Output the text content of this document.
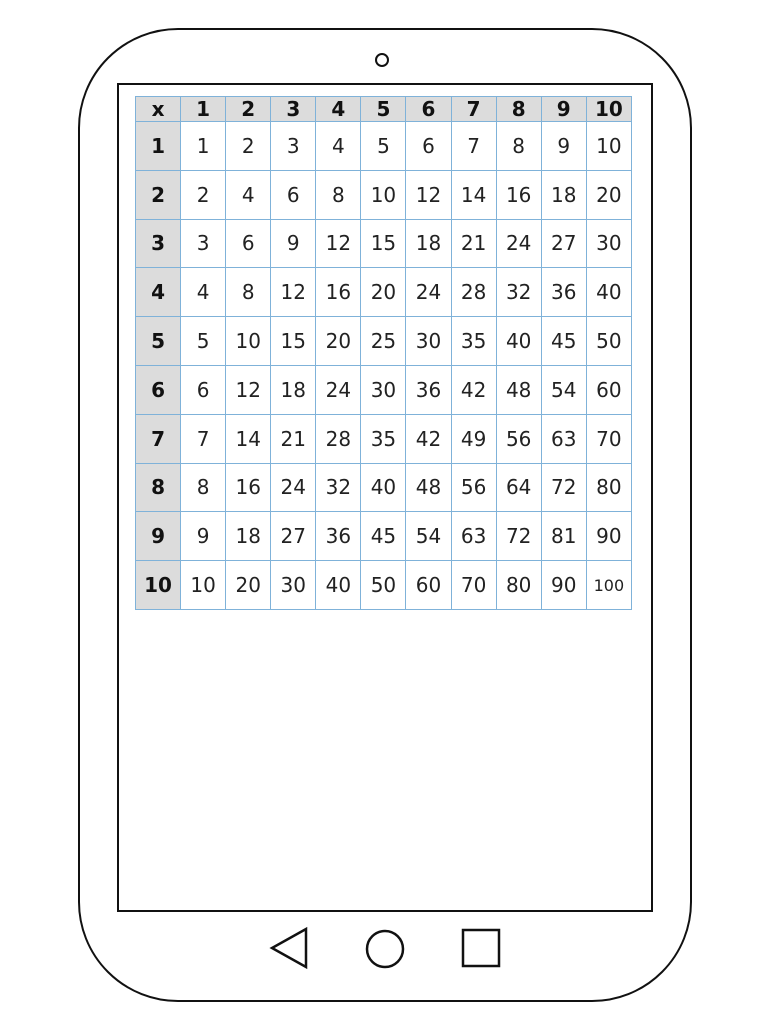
x	1	2	3	4	5	6	7	8	9	10
1	1	2	3	4	5	6	7	8	9	10
2	2	4	6	8	10	12	14	16	18	20
3	3	6	9	12	15	18	21	24	27	30
4	4	8	12	16	20	24	28	32	36	40
5	5	10	15	20	25	30	35	40	45	50
6	6	12	18	24	30	36	42	48	54	60
7	7	14	21	28	35	42	49	56	63	70
8	8	16	24	32	40	48	56	64	72	80
9	9	18	27	36	45	54	63	72	81	90
10	10	20	30	40	50	60	70	80	90	100
